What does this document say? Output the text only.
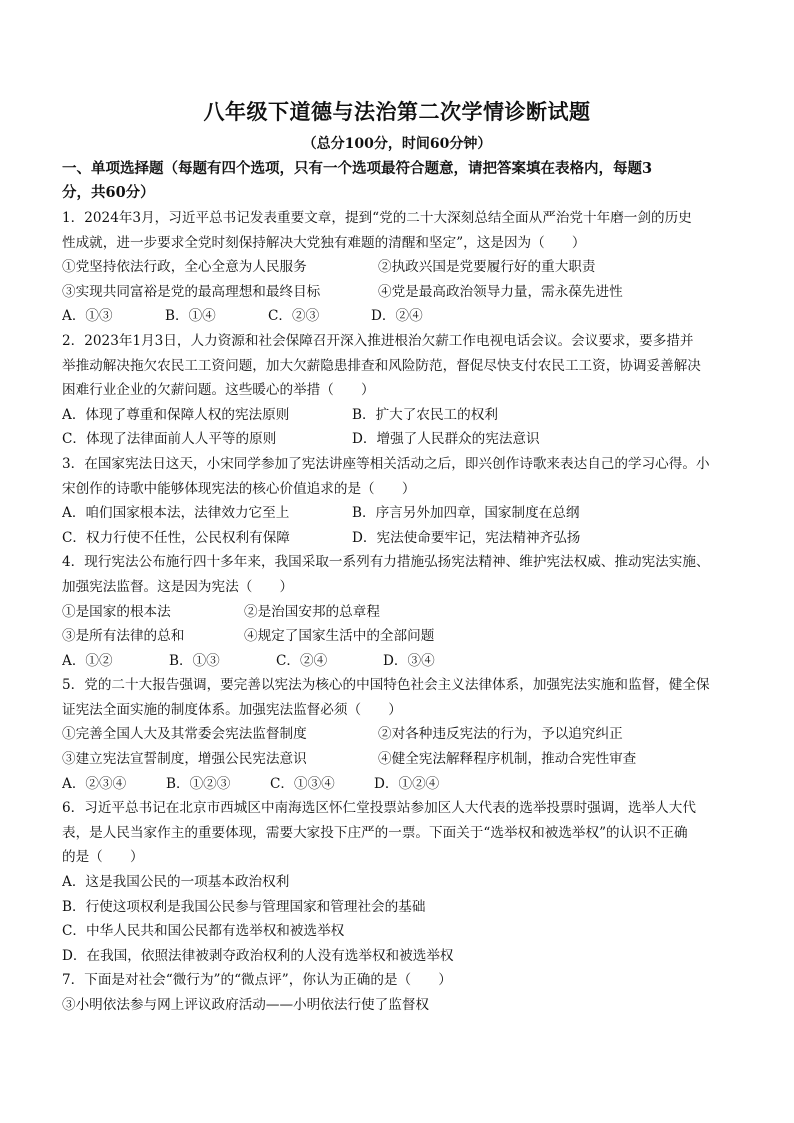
八年级下道德与法治第二次学情诊断试题
（总分100分，时间60分钟）
一、单项选择题（每题有四个选项，只有一个选项最符合题意，请把答案填在表格内，每题3
分，共60分）

1．2024年3月，习近平总书记发表重要文章，提到“党的二十大深刻总结全面从严治党十年磨一剑的历史

性成就，进一步要求全党时刻保持解决大党独有难题的清醒和坚定”，这是因为（　　）

①党坚持依法行政，全心全意为人民服务	②执政兴国是党要履行好的重大职责
③实现共同富裕是党的最高理想和最终目标	④党是最高政治领导力量，需永葆先进性
A．①③	B．①④	C．②③	D．②④

2．2023年1月3日，人力资源和社会保障召开深入推进根治欠薪工作电视电话会议。会议要求，要多措并

举推动解决拖欠农民工工资问题，加大欠薪隐患排查和风险防范，督促尽快支付农民工工资，协调妥善解决

困难行业企业的欠薪问题。这些暖心的举措（　　）

A．体现了尊重和保障人权的宪法原则	B．扩大了农民工的权利
C．体现了法律面前人人平等的原则	D．增强了人民群众的宪法意识

3．在国家宪法日这天，小宋同学参加了宪法讲座等相关活动之后，即兴创作诗歌来表达自己的学习心得。小

宋创作的诗歌中能够体现宪法的核心价值追求的是（　　）

A．咱们国家根本法，法律效力它至上	B．序言另外加四章，国家制度在总纲
C．权力行使不任性，公民权利有保障	D．宪法使命要牢记，宪法精神齐弘扬

4．现行宪法公布施行四十多年来，我国采取一系列有力措施弘扬宪法精神、维护宪法权威、推动宪法实施、

加强宪法监督。这是因为宪法（　　）

①是国家的根本法	②是治国安邦的总章程
③是所有法律的总和	④规定了国家生活中的全部问题
A．①②	B．①③	C．②④	D．③④

5．党的二十大报告强调，要完善以宪法为核心的中国特色社会主义法律体系，加强宪法实施和监督，健全保

证宪法全面实施的制度体系。加强宪法监督必须（　　）

①完善全国人大及其常委会宪法监督制度	②对各种违反宪法的行为，予以追究纠正
③建立宪法宣誓制度，增强公民宪法意识	④健全宪法解释程序机制，推动合宪性审查
A．②③④	B．①②③	C．①③④	D．①②④

6．习近平总书记在北京市西城区中南海选区怀仁堂投票站参加区人大代表的选举投票时强调，选举人大代

表，是人民当家作主的重要体现，需要大家投下庄严的一票。下面关于“选举权和被选举权”的认识不正确

的是（　　）

A．这是我国公民的一项基本政治权利

B．行使这项权利是我国公民参与管理国家和管理社会的基础

C．中华人民共和国公民都有选举权和被选举权

D．在我国，依照法律被剥夺政治权利的人没有选举权和被选举权

7．下面是对社会“微行为”的“微点评”，你认为正确的是（　　）

③小明依法参与网上评议政府活动——小明依法行使了监督权
